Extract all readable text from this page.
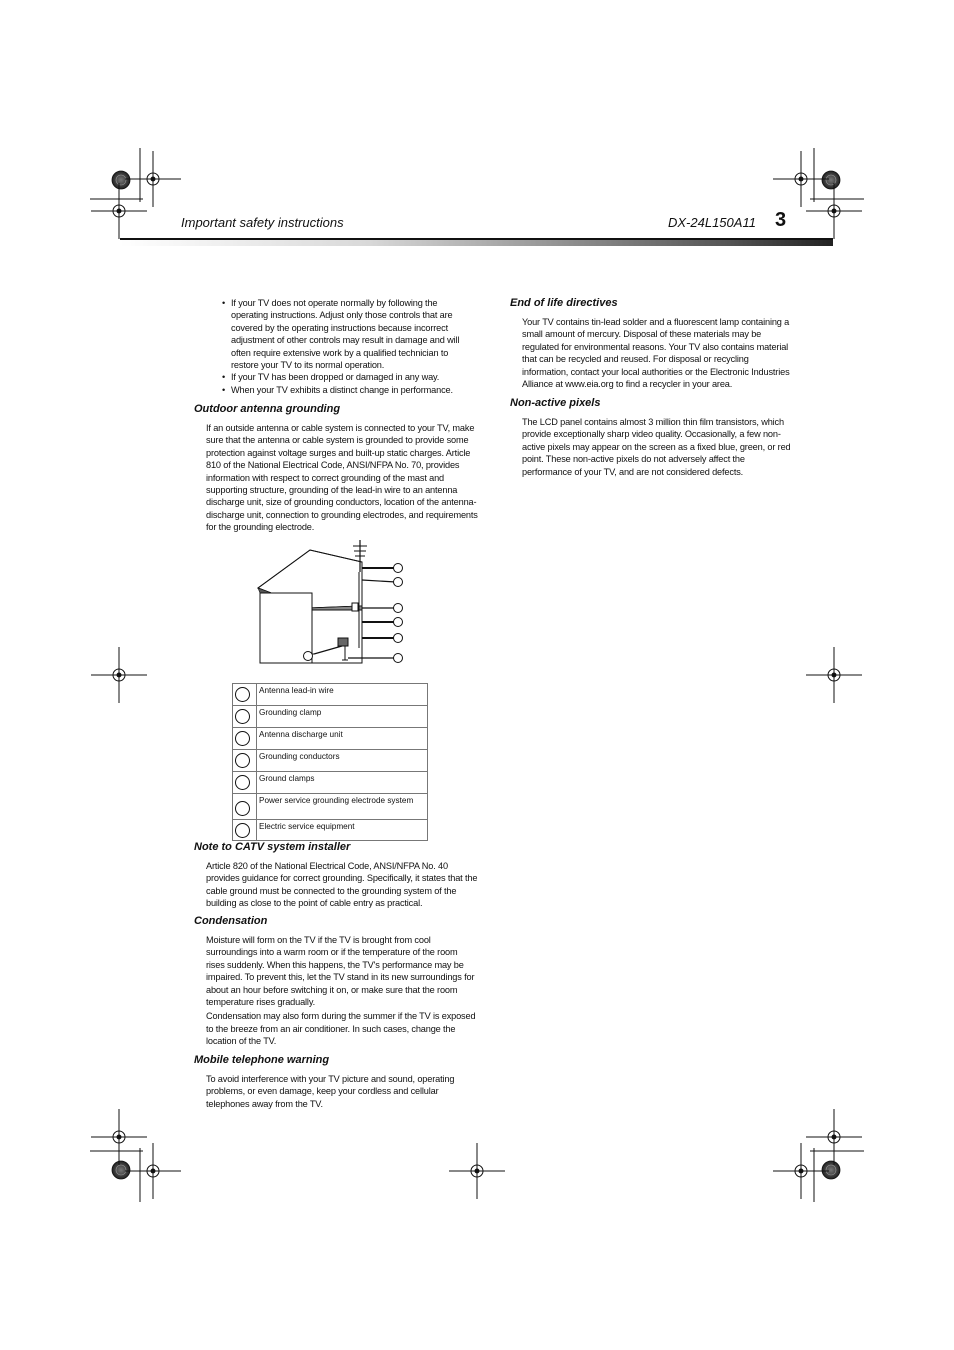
Important safety instructions	DX-24L150A11 3
• If your TV does not operate normally by following the operating instructions. Adjust only those controls that are covered by the operating instructions because incorrect adjustment of other controls may result in damage and will often require extensive work by a qualified technician to restore your TV to its normal operation.
• If your TV has been dropped or damaged in any way.
• When your TV exhibits a distinct change in performance.
Outdoor antenna grounding

If an outside antenna or cable system is connected to your TV, make sure that the antenna or cable system is grounded to provide some protection against voltage surges and built-up static charges. Article 810 of the National Electrical Code, ANSI/NFPA No. 70, provides information with respect to correct grounding of the mast and supporting structure, grounding of the lead-in wire to an antenna discharge unit, size of grounding conductors, location of the antenna-discharge unit, connection to grounding electrodes, and requirements for the grounding electrode.

	Antenna lead-in wire

	Grounding clamp

	Antenna discharge unit

	Grounding conductors

	Ground clamps

	Power service grounding electrode system

	Electric service equipment
Note to CATV system installer

Article 820 of the National Electrical Code, ANSI/NFPA No. 40 provides guidance for correct grounding. Specifically, it states that the cable ground must be connected to the grounding system of the building as close to the point of cable entry as practical.

Condensation

Moisture will form on the TV if the TV is brought from cool surroundings into a warm room or if the temperature of the room rises suddenly. When this happens, the TV's performance may be impaired. To prevent this, let the TV stand in its new surroundings for about an hour before switching it on, or make sure that the room temperature rises gradually.

Condensation may also form during the summer if the TV is exposed to the breeze from an air conditioner. In such cases, change the location of the TV.

Mobile telephone warning

To avoid interference with your TV picture and sound, operating problems, or even damage, keep your cordless and cellular telephones away from the TV.

End of life directives

Your TV contains tin-lead solder and a fluorescent lamp containing a small amount of mercury. Disposal of these materials may be regulated for environmental reasons. Your TV also contains material that can be recycled and reused. For disposal or recycling information, contact your local authorities or the Electronic Industries Alliance at www.eia.org to find a recycler in your area.

Non-active pixels

The LCD panel contains almost 3 million thin film transistors, which provide exceptionally sharp video quality. Occasionally, a few non-active pixels may appear on the screen as a fixed blue, green, or red point. These non-active pixels do not adversely affect the performance of your TV, and are not considered defects.
